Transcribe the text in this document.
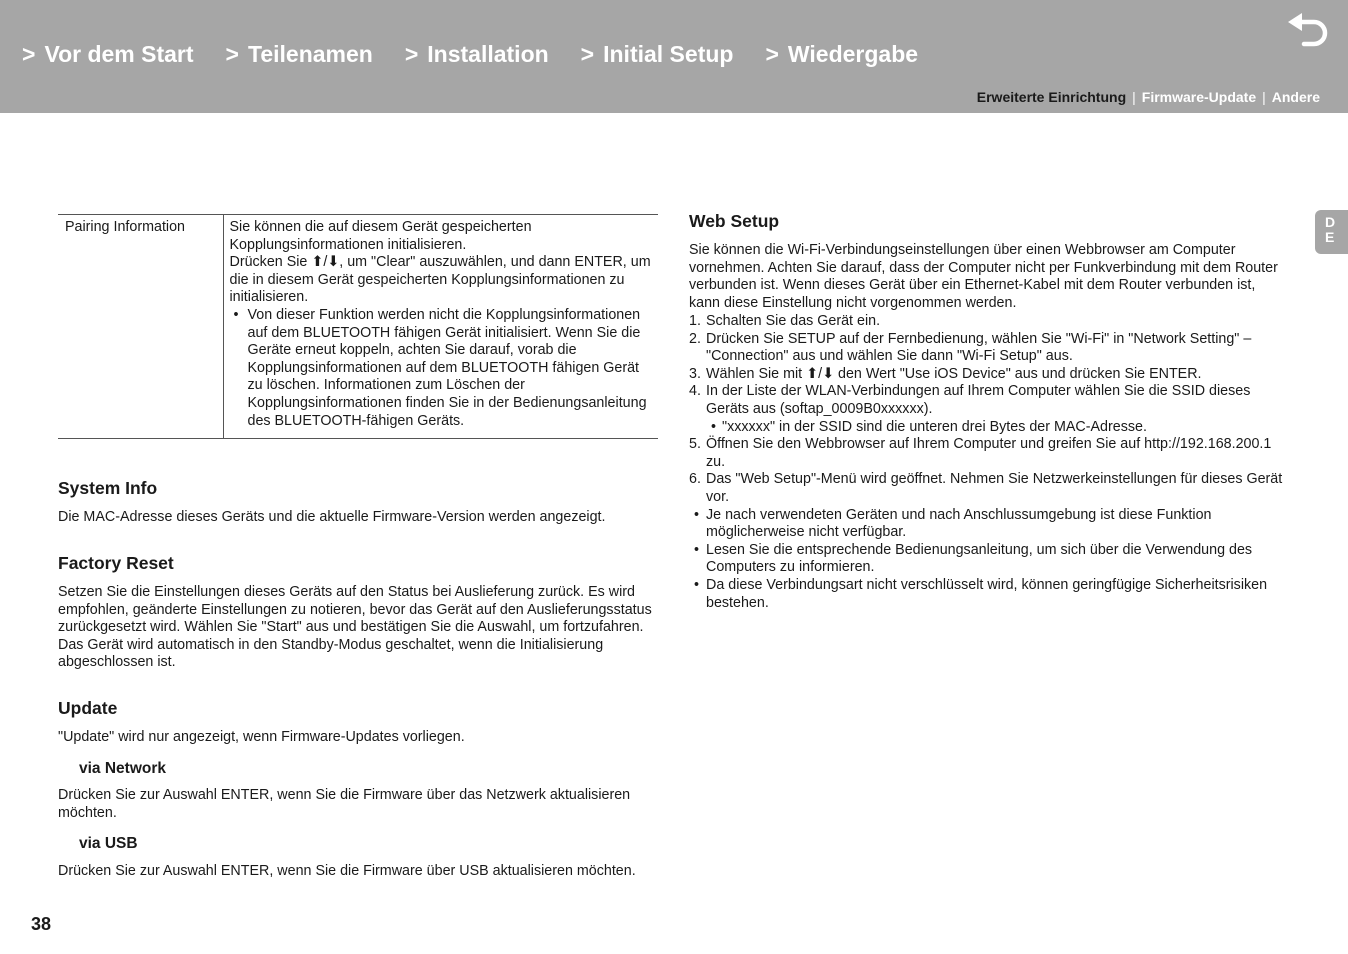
> Vor dem Start > Teilenamen > Installation > Initial Setup > Wiedergabe
Erweiterte Einrichtung | Firmware-Update | Andere
D
E
Pairing Information	Sie können die auf diesem Gerät gespeicherten Kopplungsinformationen initialisieren.
Drücken Sie ⬆/⬇, um "Clear" auszuwählen, und dann ENTER, um die in diesem Gerät gespeicherten Kopplungsinformationen zu initialisieren.
• Von dieser Funktion werden nicht die Kopplungsinformationen auf dem BLUETOOTH fähigen Gerät initialisiert. Wenn Sie die Geräte erneut koppeln, achten Sie darauf, vorab die Kopplungsinformationen auf dem BLUETOOTH fähigen Gerät zu löschen. Informationen zum Löschen der Kopplungsinformationen finden Sie in der Bedienungsanleitung des BLUETOOTH-fähigen Geräts.
System Info
Die MAC-Adresse dieses Geräts und die aktuelle Firmware-Version werden angezeigt.
Factory Reset
Setzen Sie die Einstellungen dieses Geräts auf den Status bei Auslieferung zurück. Es wird empfohlen, geänderte Einstellungen zu notieren, bevor das Gerät auf den Auslieferungsstatus zurückgesetzt wird. Wählen Sie "Start" aus und bestätigen Sie die Auswahl, um fortzufahren. Das Gerät wird automatisch in den Standby-Modus geschaltet, wenn die Initialisierung abgeschlossen ist.
Update
"Update" wird nur angezeigt, wenn Firmware-Updates vorliegen.
via Network
Drücken Sie zur Auswahl ENTER, wenn Sie die Firmware über das Netzwerk aktualisieren möchten.
via USB
Drücken Sie zur Auswahl ENTER, wenn Sie die Firmware über USB aktualisieren möchten.
Web Setup
Sie können die Wi-Fi-Verbindungseinstellungen über einen Webbrowser am Computer vornehmen. Achten Sie darauf, dass der Computer nicht per Funkverbindung mit dem Router verbunden ist. Wenn dieses Gerät über ein Ethernet-Kabel mit dem Router verbunden ist, kann diese Einstellung nicht vorgenommen werden.
1. Schalten Sie das Gerät ein.
2. Drücken Sie SETUP auf der Fernbedienung, wählen Sie "Wi-Fi" in "Network Setting" – "Connection" aus und wählen Sie dann "Wi-Fi Setup" aus.
3. Wählen Sie mit ⬆/⬇ den Wert "Use iOS Device" aus und drücken Sie ENTER.
4. In der Liste der WLAN-Verbindungen auf Ihrem Computer wählen Sie die SSID dieses Geräts aus (softap_0009B0xxxxxx).
• "xxxxxx" in der SSID sind die unteren drei Bytes der MAC-Adresse.
5. Öffnen Sie den Webbrowser auf Ihrem Computer und greifen Sie auf http://192.168.200.1 zu.
6. Das "Web Setup"-Menü wird geöffnet. Nehmen Sie Netzwerkeinstellungen für dieses Gerät vor.
• Je nach verwendeten Geräten und nach Anschlussumgebung ist diese Funktion möglicherweise nicht verfügbar.
• Lesen Sie die entsprechende Bedienungsanleitung, um sich über die Verwendung des Computers zu informieren.
• Da diese Verbindungsart nicht verschlüsselt wird, können geringfügige Sicherheitsrisiken bestehen.
38
